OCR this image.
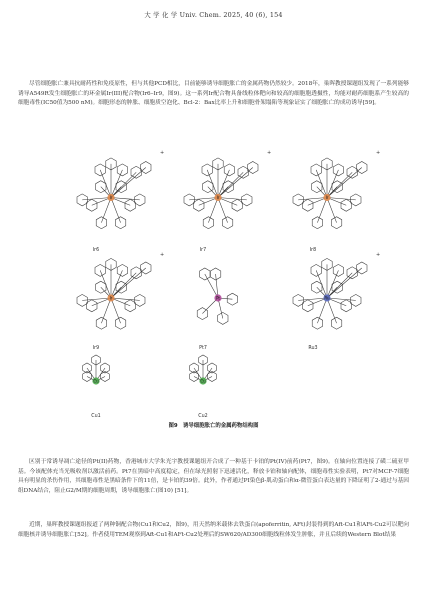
大 学 化 学 Univ. Chem. 2025, 40 (6), 154

尽管细胞胀亡兼具抗耐药性和免疫原性，但与其他PCD相比，目前能够诱导细胞胀亡的金属药物仍然较少。2018年，巢晖教授课题组发现了一系列能够诱导A549R发生细胞胀亡的环金属Ir(III)配合物(Ir6–Ir9，图9)。这一系列Ir配合物具备线粒体靶向和较高的细胞胞透摄性，均能对耐药细胞系产生较高的细胞毒性(IC50值为500 nM)。细胞形态的肿胀、细胞质空泡化、Bcl-2：Bax比率上升和细胞骨架塌陷等现象证实了细胞胀亡的成功诱导[59]。

Ir	Ir	Ir
Ir	Pt	Ru
Cu	Cu
Ir6	Ir7	Ir8
Ir9	Pt7	Ru3
Cu1	Cu2
+	+	+
+	+
图9　诱导细胞胀亡的金属药物结构图

区别于常诱导凋亡途径的Pt(II)药物，香港城市大学朱光宇教授课题组开合成了一种基于卡铂的Pt(IV)前药(Pt7，图9)。在轴向位置连接了磺二硫亚甲基。今该配体充当光吸收剂以激活前药。Pt7在黑暗中高度稳定，但在绿光照射下迅速活化，释放卡铂和轴向配体，细胞毒性实验表明，Pt7对MCF-7细胞具有明显的杀伤作用，其细胞毒性是黑暗条件下的11倍，是卡铂的39倍。此外，作者通过PI染色β-肌动蛋白和α-微管蛋白表达量的下降证明了2-通过与基因组DNA结合，阻止G2/M期的细胞周期，诱导细胞胀亡(图10) [51]。

近期，巢晖教授课题组报道了两种铜配合物(Cu1和Cu2，图9)，用天然纳米载体去铁蛋白(apoferritin, AFt)封装得到的Aft-Cu1和AFt-Cu2可以靶向细胞核并诱导细胞胀亡[52]。作者使用TEM观察到Aft-Cu1和AFt-Cu2处理后的SW620/AD300细胞线粒体发生肿胀，并且后续的Western Blot结果
